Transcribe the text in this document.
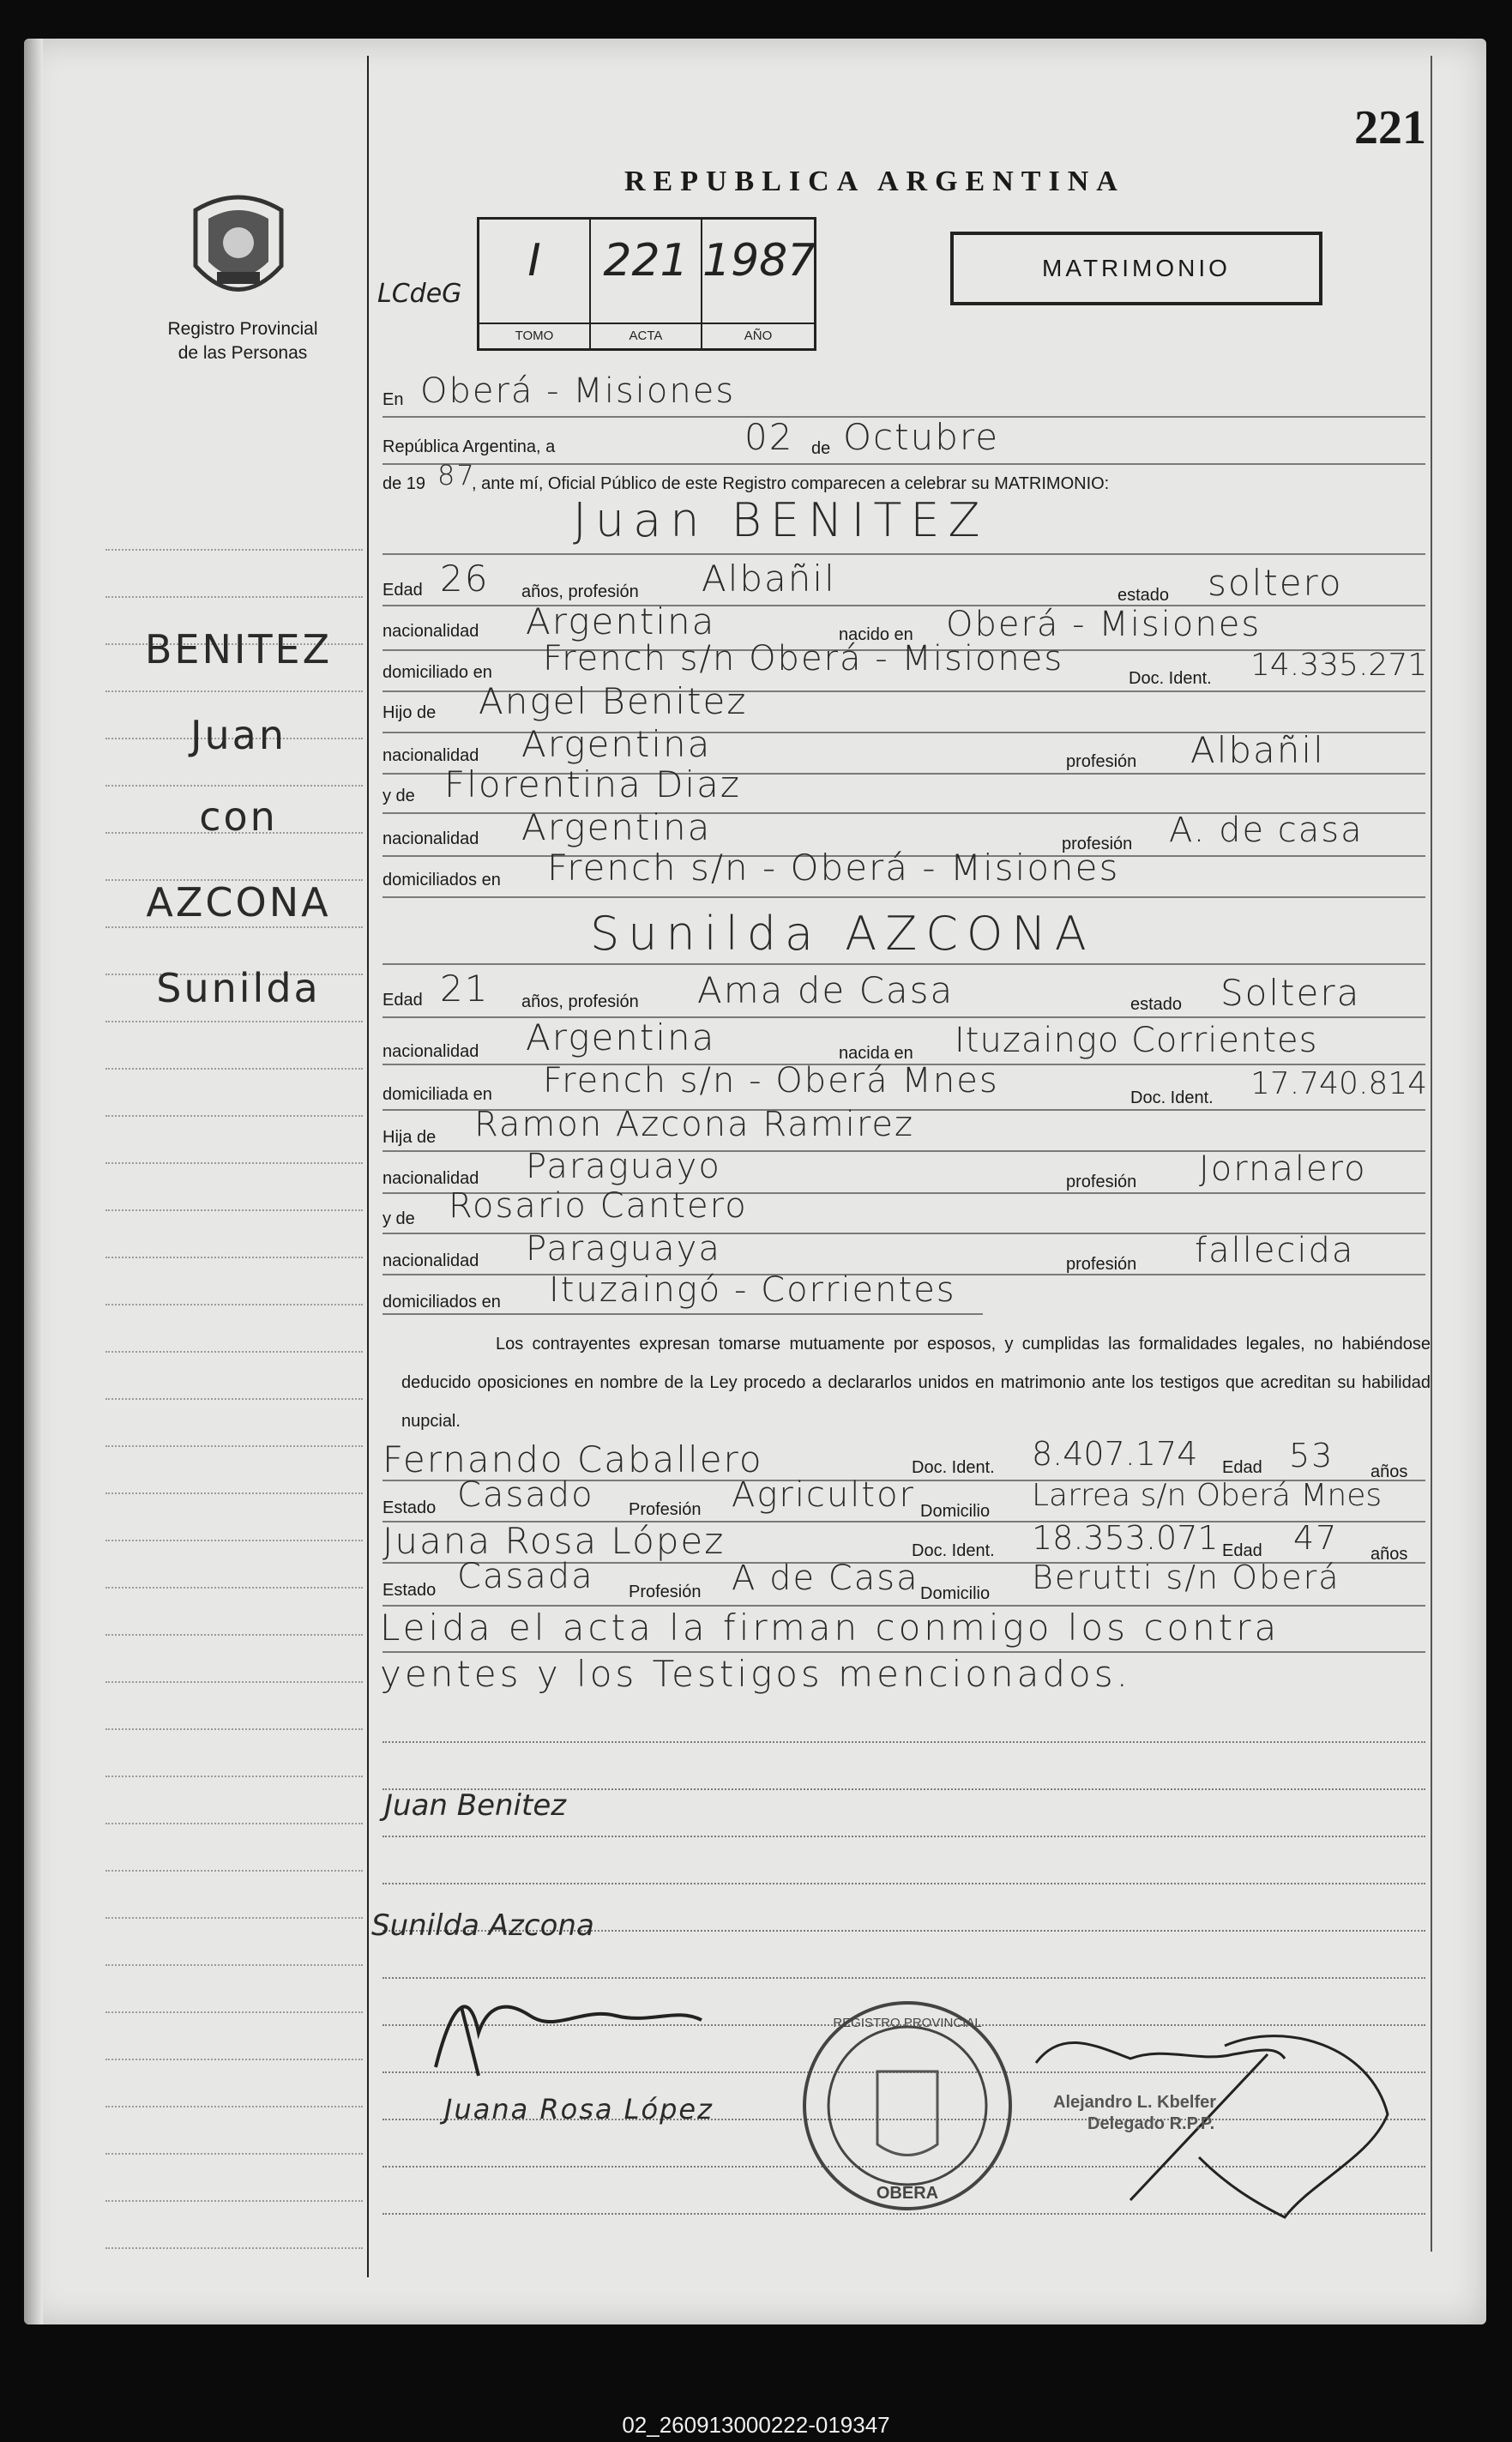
221
REPUBLICA ARGENTINA
Registro Provincial
de las Personas
LCdeG
I
TOMO
221
ACTA
1987
AÑO
MATRIMONIO
BENITEZ
Juan
con
AZCONA
Sunilda
En Oberá - Misiones
República Argentina, a	02 de Octubre
de 19 87
, ante mí, Oficial Público de este Registro comparecen a celebrar su MATRIMONIO:
Juan BENITEZ
Edad 26 años, profesión Albañil	estado soltero
nacionalidad Argentina	nacido en Oberá - Misiones
domiciliado en French s/n Oberá - Misiones	Doc. Ident. 14.335.271
Hijo de Angel Benitez
nacionalidad Argentina	profesión Albañil
y de Florentina Diaz
nacionalidad Argentina	profesión A. de casa
domiciliados en French s/n - Oberá - Misiones
Sunilda AZCONA
Edad 21 años, profesión Ama de Casa	estado Soltera
nacionalidad Argentina	nacida en Ituzaingo Corrientes
domiciliada en French s/n - Oberá Mnes	Doc. Ident. 17.740.814
Hija de Ramon Azcona Ramirez
nacionalidad Paraguayo	profesión Jornalero
y de Rosario Cantero
nacionalidad Paraguaya	profesión fallecida
domiciliados en Ituzaingó - Corrientes
Los contrayentes expresan tomarse mutuamente por esposos, y cumplidas las formalidades legales, no habiéndose deducido oposiciones en nombre de la Ley procedo a declararlos unidos en matrimonio ante los testigos que acreditan su habilidad nupcial.
Fernando Caballero	Doc. Ident. 8.407.174 Edad 53 años
Estado Casado Profesión Agricultor Domicilio Larrea s/n Oberá Mnes
Juana Rosa López	Doc. Ident. 18.353.071 Edad 47 años
Estado Casada Profesión A de Casa Domicilio Berutti s/n Oberá
Leida el acta la firman conmigo los contra
yentes y los Testigos mencionados.
Juan Benitez
Sunilda Azcona
Juana Rosa López
REGISTRO PROVINCIAL
OBERA
Alejandro L. Kbelfer
Delegado R.P.P.
02_260913000222-019347
